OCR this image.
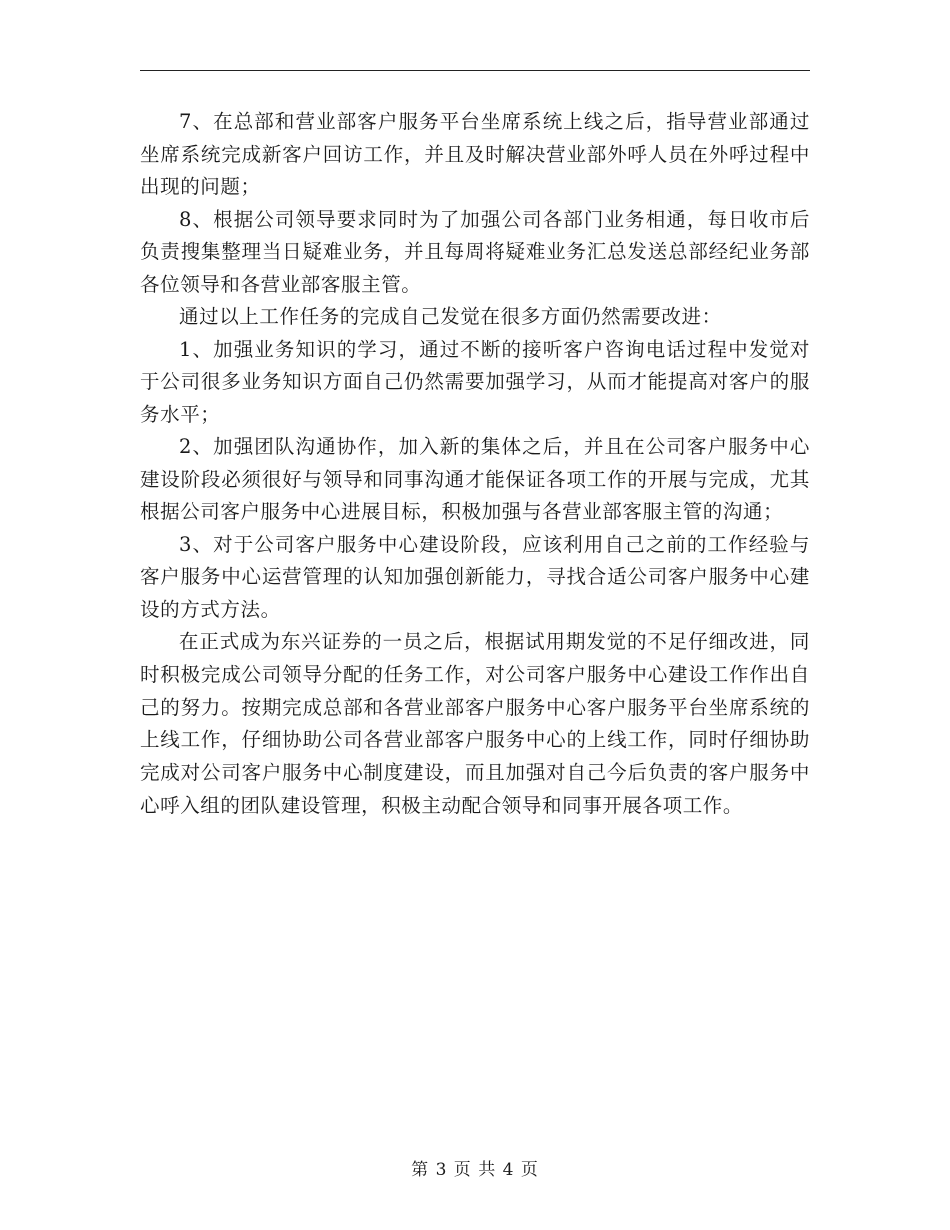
7、在总部和营业部客户服务平台坐席系统上线之后，指导营业部通过坐席系统完成新客户回访工作，并且及时解决营业部外呼人员在外呼过程中出现的问题；

8、根据公司领导要求同时为了加强公司各部门业务相通，每日收市后负责搜集整理当日疑难业务，并且每周将疑难业务汇总发送总部经纪业务部各位领导和各营业部客服主管。

通过以上工作任务的完成自己发觉在很多方面仍然需要改进：

1、加强业务知识的学习，通过不断的接听客户咨询电话过程中发觉对于公司很多业务知识方面自己仍然需要加强学习，从而才能提高对客户的服务水平；

2、加强团队沟通协作，加入新的集体之后，并且在公司客户服务中心建设阶段必须很好与领导和同事沟通才能保证各项工作的开展与完成，尤其根据公司客户服务中心进展目标，积极加强与各营业部客服主管的沟通；

3、对于公司客户服务中心建设阶段，应该利用自己之前的工作经验与客户服务中心运营管理的认知加强创新能力，寻找合适公司客户服务中心建设的方式方法。

在正式成为东兴证券的一员之后，根据试用期发觉的不足仔细改进，同时积极完成公司领导分配的任务工作，对公司客户服务中心建设工作作出自己的努力。按期完成总部和各营业部客户服务中心客户服务平台坐席系统的上线工作，仔细协助公司各营业部客户服务中心的上线工作，同时仔细协助完成对公司客户服务中心制度建设，而且加强对自己今后负责的客户服务中心呼入组的团队建设管理，积极主动配合领导和同事开展各项工作。

第 3 页 共 4 页
